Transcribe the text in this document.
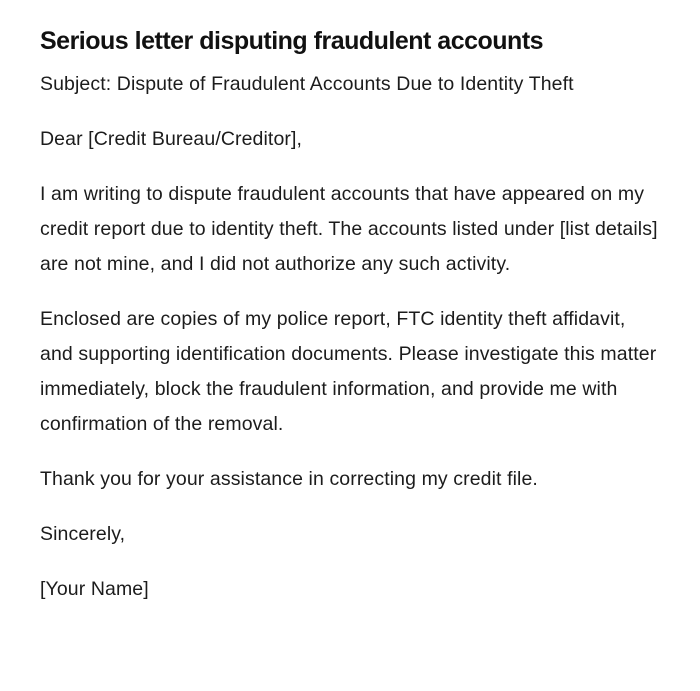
Serious letter disputing fraudulent accounts

Subject: Dispute of Fraudulent Accounts Due to Identity Theft

Dear [Credit Bureau/Creditor],

I am writing to dispute fraudulent accounts that have appeared on my credit report due to identity theft. The accounts listed under [list details] are not mine, and I did not authorize any such activity.

Enclosed are copies of my police report, FTC identity theft affidavit, and supporting identification documents. Please investigate this matter immediately, block the fraudulent information, and provide me with confirmation of the removal.

Thank you for your assistance in correcting my credit file.

Sincerely,

[Your Name]
